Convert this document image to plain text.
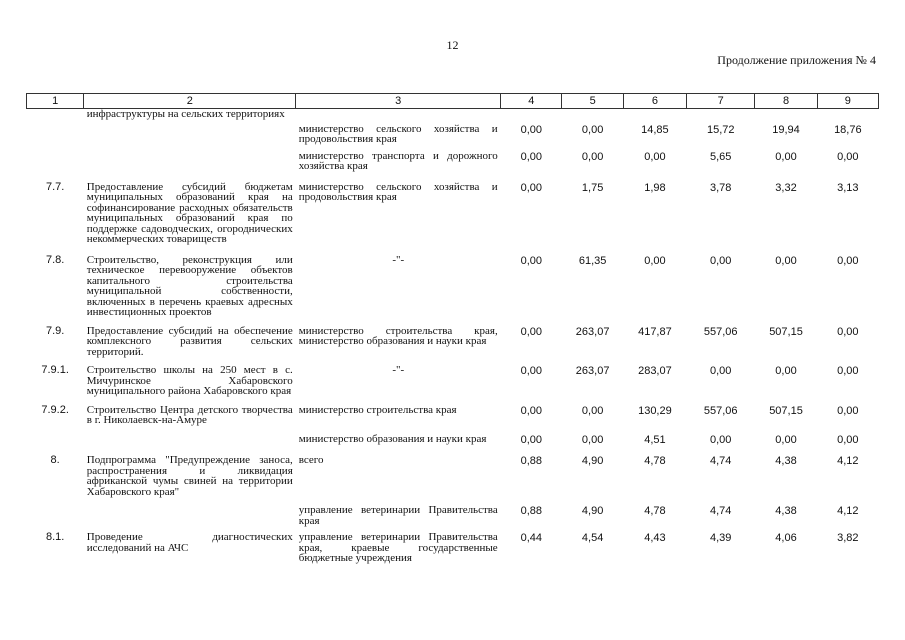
12
Продолжение приложения № 4
1	2	3	4	5	6	7	8	9
	инфраструктуры на сельских территориях							

		министерство сельского хозяйства и продовольствия края	0,00	0,00	14,85	15,72	19,94	18,76

		министерство транспорта и дорожного хозяйства края	0,00	0,00	0,00	5,65	0,00	0,00

7.7.	Предоставление субсидий бюджетам муниципальных образований края на софинансирование расходных обязательств муниципальных образований края по поддержке садоводческих, огороднических некоммерческих товариществ	министерство сельского хозяйства и продовольствия края	0,00	1,75	1,98	3,78	3,32	3,13

7.8.	Строительство, реконструкция или техническое перевооружение объектов капитального строительства муниципальной собственности, включенных в перечень краевых адресных инвестиционных проектов	-"-	0,00	61,35	0,00	0,00	0,00	0,00

7.9.	Предоставление субсидий на обеспечение комплексного развития сельских территорий.	министерство строительства края, министерство образования и науки края	0,00	263,07	417,87	557,06	507,15	0,00

7.9.1.	Строительство школы на 250 мест в с. Мичуринское Хабаровского муниципального района Хабаровского края	-"-	0,00	263,07	283,07	0,00	0,00	0,00

7.9.2.	Строительство Центра детского творчества в г. Николаевск-на-Амуре	министерство строительства края	0,00	0,00	130,29	557,06	507,15	0,00

		министерство образования и науки края	0,00	0,00	4,51	0,00	0,00	0,00

8.	Подпрограмма "Предупреждение заноса, распространения и ликвидация африканской чумы свиней на территории Хабаровского края"	всего	0,88	4,90	4,78	4,74	4,38	4,12

		управление ветеринарии Правительства края	0,88	4,90	4,78	4,74	4,38	4,12

8.1.	Проведение диагностических исследований на АЧС	управление ветеринарии Правительства края, краевые государственные бюджетные учреждения	0,44	4,54	4,43	4,39	4,06	3,82
